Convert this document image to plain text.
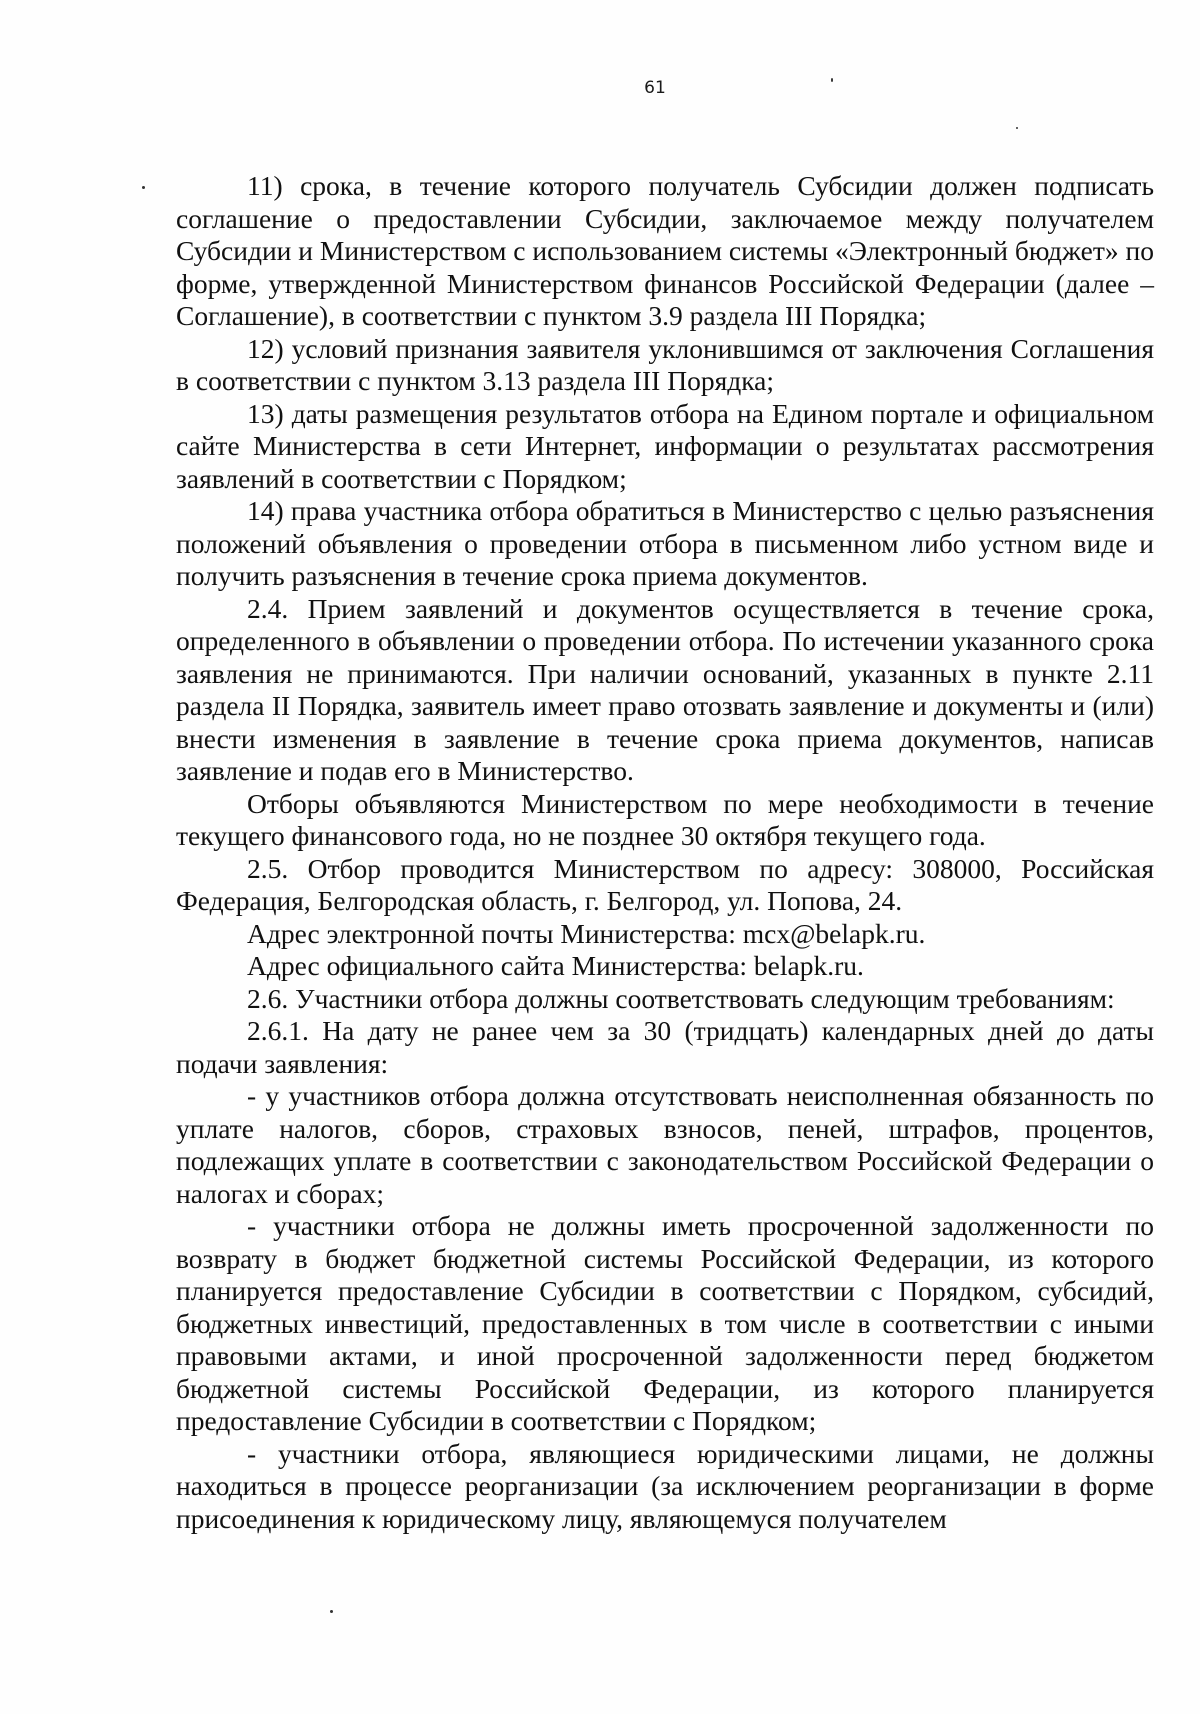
61

11) срока, в течение которого получатель Субсидии должен подписать соглашение о предоставлении Субсидии, заключаемое между получателем Субсидии и Министерством с использованием системы «Электронный бюджет» по форме, утвержденной Министерством финансов Российской Федерации (далее – Соглашение), в соответствии с пунктом 3.9 раздела III Порядка;

12) условий признания заявителя уклонившимся от заключения Соглашения в соответствии с пунктом 3.13 раздела III Порядка;

13) даты размещения результатов отбора на Едином портале и официальном сайте Министерства в сети Интернет, информации о результатах рассмотрения заявлений в соответствии с Порядком;

14) права участника отбора обратиться в Министерство с целью разъяснения положений объявления о проведении отбора в письменном либо устном виде и получить разъяснения в течение срока приема документов.

2.4. Прием заявлений и документов осуществляется в течение срока, определенного в объявлении о проведении отбора. По истечении указанного срока заявления не принимаются. При наличии оснований, указанных в пункте 2.11 раздела II Порядка, заявитель имеет право отозвать заявление и документы и (или) внести изменения в заявление в течение срока приема документов, написав заявление и подав его в Министерство.

Отборы объявляются Министерством по мере необходимости в течение текущего финансового года, но не позднее 30 октября текущего года.

2.5. Отбор проводится Министерством по адресу: 308000, Российская Федерация, Белгородская область, г. Белгород, ул. Попова, 24.

Адрес электронной почты Министерства: mcx@belapk.ru.

Адрес официального сайта Министерства: belapk.ru.

2.6. Участники отбора должны соответствовать следующим требованиям:

2.6.1. На дату не ранее чем за 30 (тридцать) календарных дней до даты подачи заявления:

- у участников отбора должна отсутствовать неисполненная обязанность по уплате налогов, сборов, страховых взносов, пеней, штрафов, процентов, подлежащих уплате в соответствии с законодательством Российской Федерации о налогах и сборах;

- участники отбора не должны иметь просроченной задолженности по возврату в бюджет бюджетной системы Российской Федерации, из которого планируется предоставление Субсидии в соответствии с Порядком, субсидий, бюджетных инвестиций, предоставленных в том числе в соответствии с иными правовыми актами, и иной просроченной задолженности перед бюджетом бюджетной системы Российской Федерации, из которого планируется предоставление Субсидии в соответствии с Порядком;

- участники отбора, являющиеся юридическими лицами, не должны находиться в процессе реорганизации (за исключением реорганизации в форме присоединения к юридическому лицу, являющемуся получателем
